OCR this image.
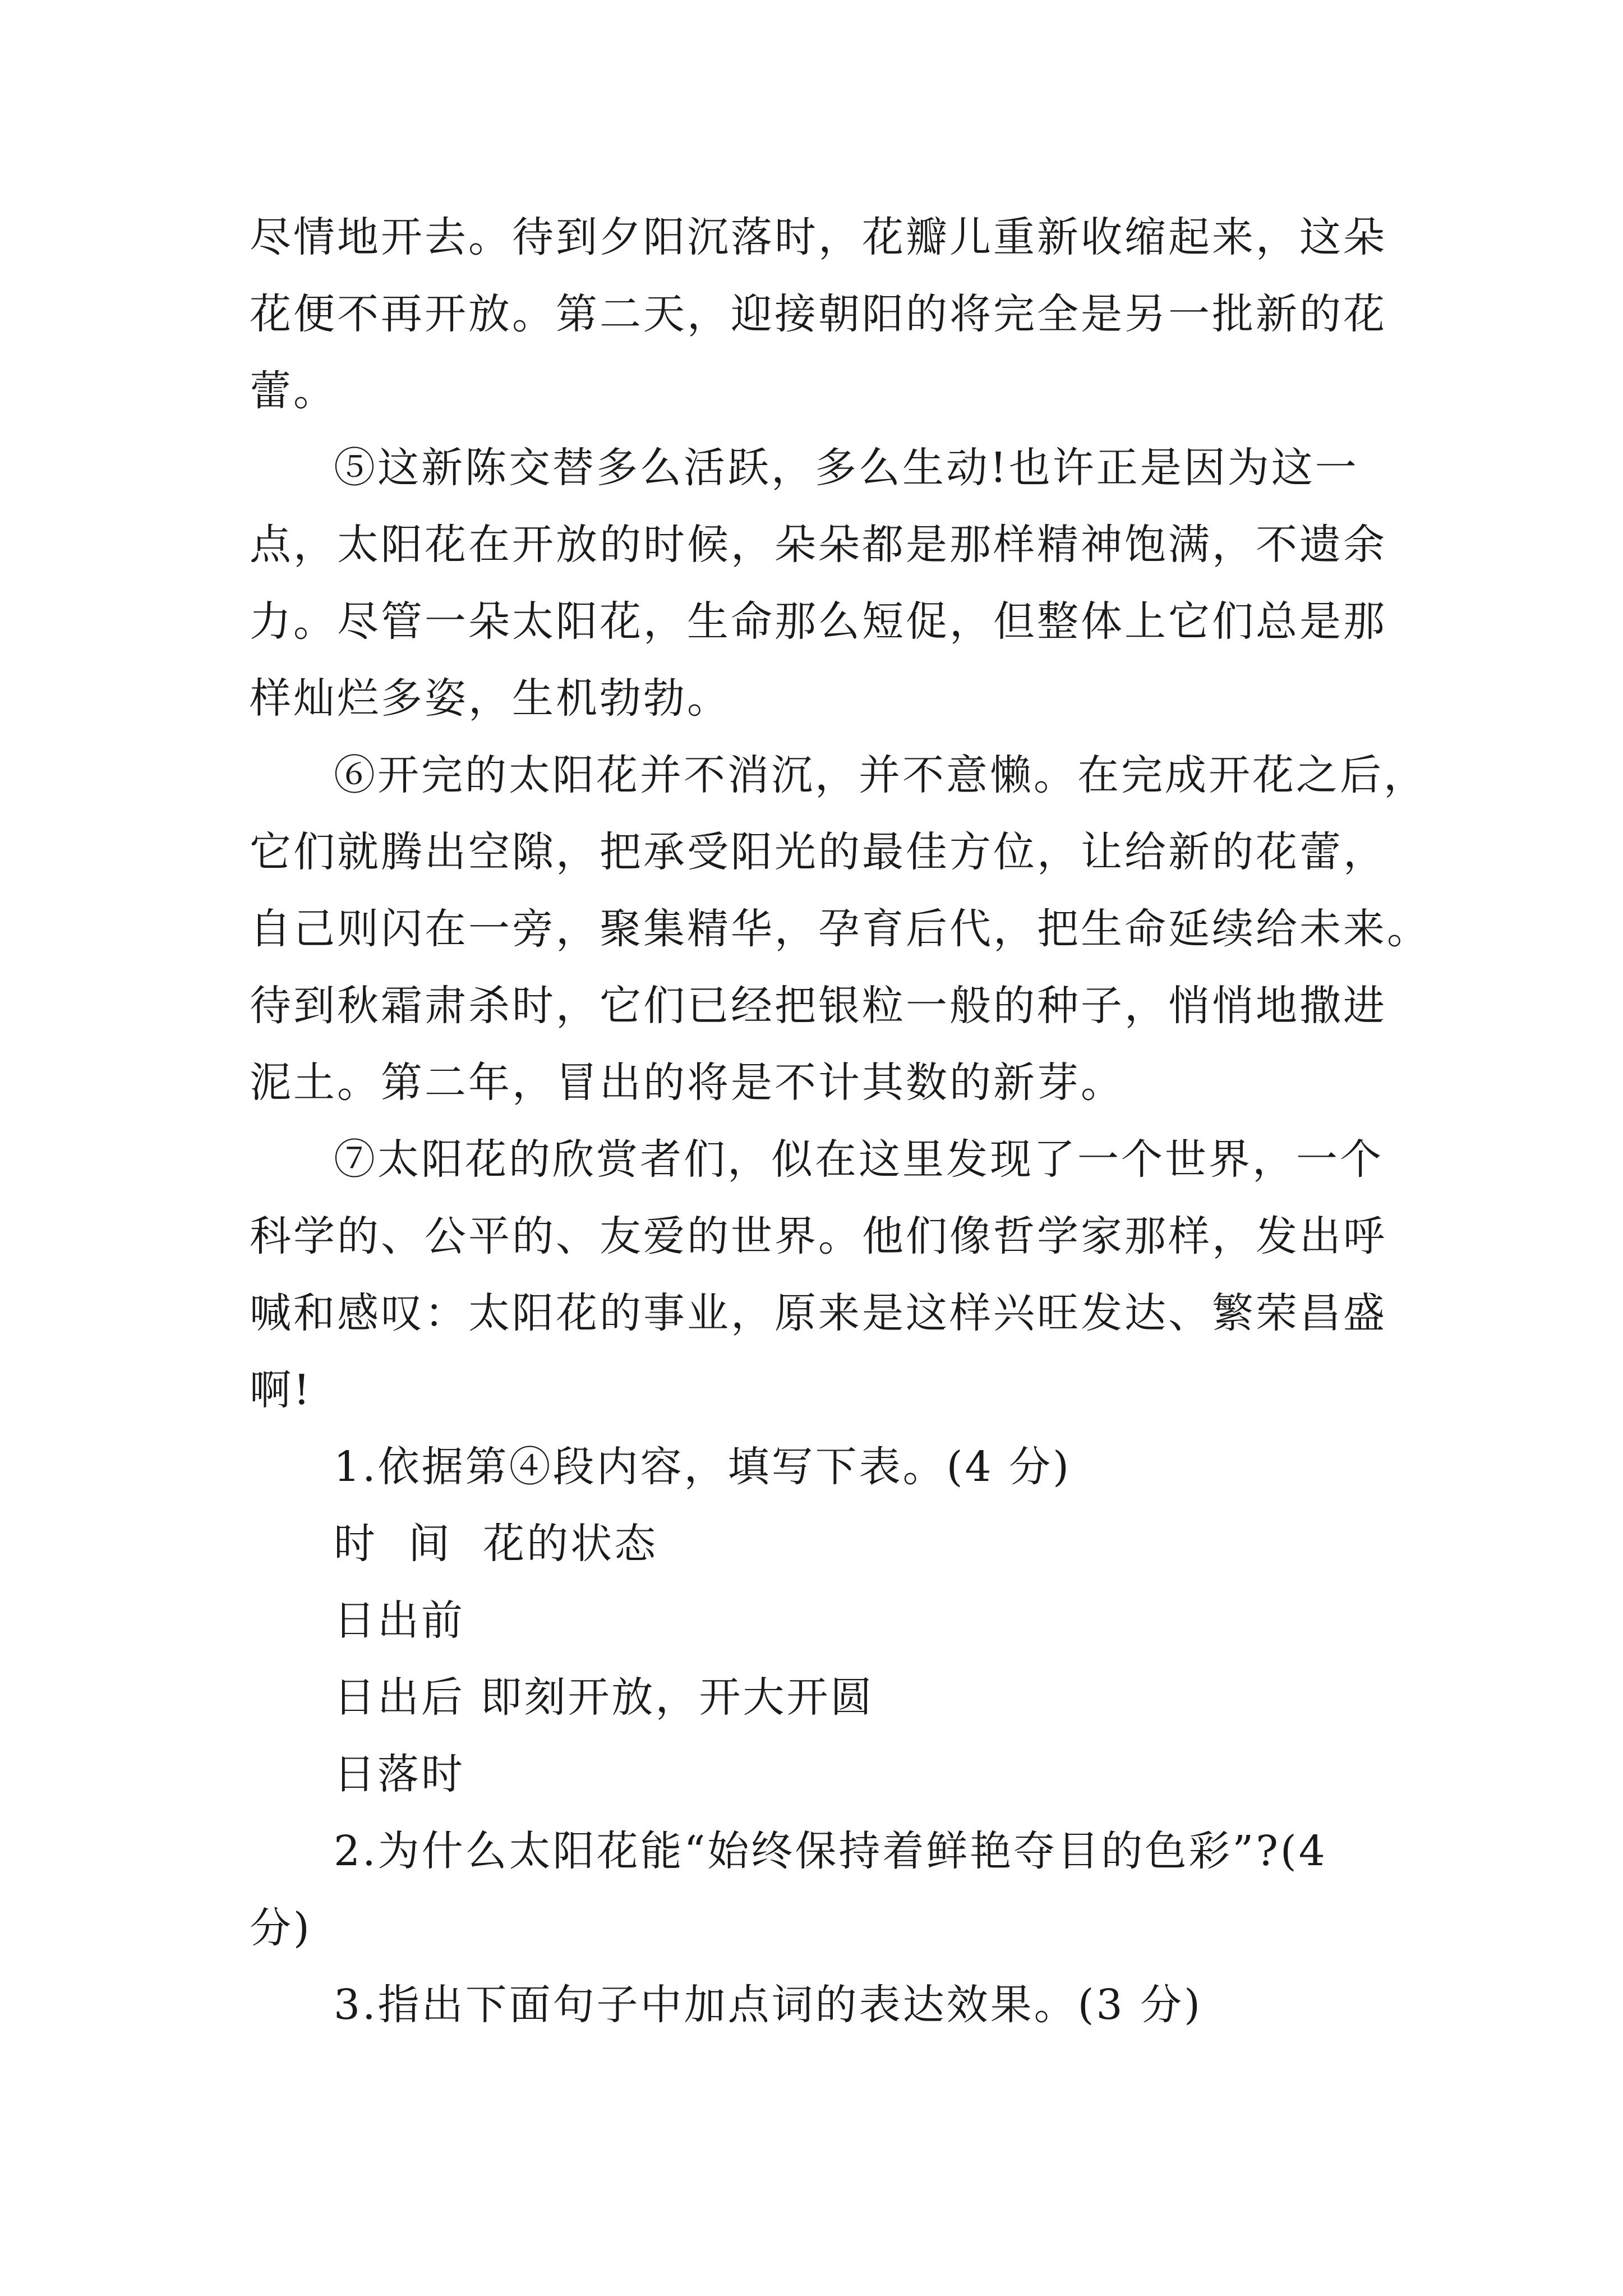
尽情地开去。待到夕阳沉落时，花瓣儿重新收缩起来，这朵
花便不再开放。第二天，迎接朝阳的将完全是另一批新的花
蕾。
⑤这新陈交替多么活跃，多么生动!也许正是因为这一
点，太阳花在开放的时候，朵朵都是那样精神饱满，不遗余
力。尽管一朵太阳花，生命那么短促，但整体上它们总是那
样灿烂多姿，生机勃勃。
⑥开完的太阳花并不消沉，并不意懒。在完成开花之后，
它们就腾出空隙，把承受阳光的最佳方位，让给新的花蕾，
自己则闪在一旁，聚集精华，孕育后代，把生命延续给未来。
待到秋霜肃杀时，它们已经把银粒一般的种子，悄悄地撒进
泥土。第二年，冒出的将是不计其数的新芽。
⑦太阳花的欣赏者们，似在这里发现了一个世界，一个
科学的、公平的、友爱的世界。他们像哲学家那样，发出呼
喊和感叹：太阳花的事业，原来是这样兴旺发达、繁荣昌盛
啊!
1.依据第④段内容，填写下表。(4 分)
时  间  花的状态
日出前
日出后 即刻开放，开大开圆
日落时
2.为什么太阳花能“始终保持着鲜艳夺目的色彩”?(4
分)
3.指出下面句子中加点词的表达效果。(3 分)
